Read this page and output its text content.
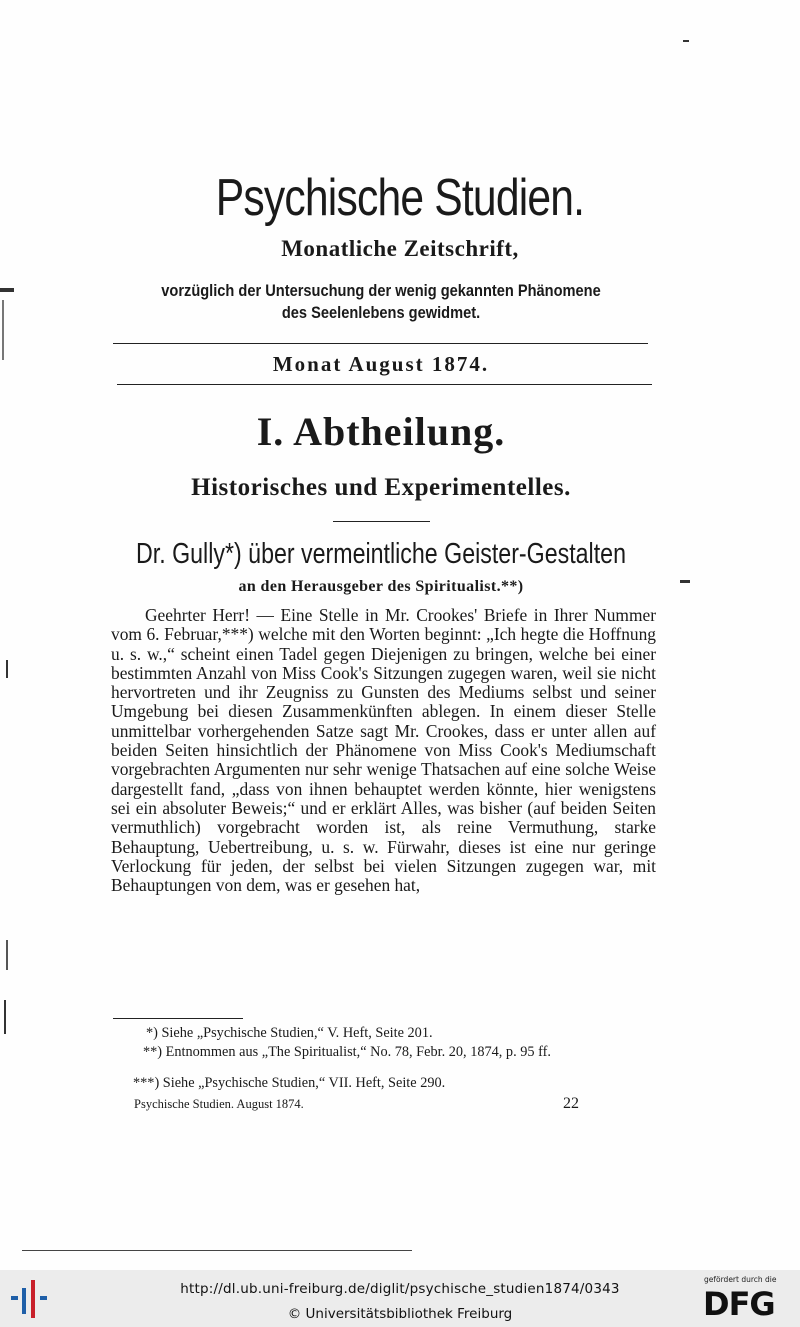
Psychische Studien.
Monatliche Zeitschrift,
vorzüglich der Untersuchung der wenig gekannten Phänomene
des Seelenlebens gewidmet.
Monat August 1874.
I. Abtheilung.
Historisches und Experimentelles.
Dr. Gully*) über vermeintliche Geister-Gestalten
an den Herausgeber des Spiritualist.**)

Geehrter Herr! — Eine Stelle in Mr. Crookes' Briefe in Ihrer Nummer vom 6. Februar,***) welche mit den Worten beginnt: „Ich hegte die Hoffnung u. s. w.,“ scheint einen Tadel gegen Diejenigen zu bringen, welche bei einer bestimmten Anzahl von Miss Cook's Sitzungen zugegen waren, weil sie nicht hervortreten und ihr Zeugniss zu Gunsten des Mediums selbst und seiner Umgebung bei diesen Zusammenkünften ablegen. In einem dieser Stelle unmittelbar vorhergehenden Satze sagt Mr. Crookes, dass er unter allen auf beiden Seiten hinsichtlich der Phänomene von Miss Cook's Mediumschaft vorgebrachten Argumenten nur sehr wenige Thatsachen auf eine solche Weise dargestellt fand, „dass von ihnen behauptet werden könnte, hier wenigstens sei ein absoluter Beweis;“ und er erklärt Alles, was bisher (auf beiden Seiten vermuthlich) vorgebracht worden ist, als reine Vermuthung, starke Behauptung, Uebertreibung, u. s. w. Fürwahr, dieses ist eine nur geringe Verlockung für jeden, der selbst bei vielen Sitzungen zugegen war, mit Behauptungen von dem, was er gesehen hat,

*) Siehe „Psychische Studien,“ V. Heft, Seite 201.
**) Entnommen aus „The Spiritualist,“ No. 78, Febr. 20, 1874, p. 95 ff.
***) Siehe „Psychische Studien,“ VII. Heft, Seite 290.
Psychische Studien. August 1874.	22
http://dl.ub.uni-freiburg.de/diglit/psychische_studien1874/0343
© Universitätsbibliothek Freiburg
gefördert durch die
DFG
